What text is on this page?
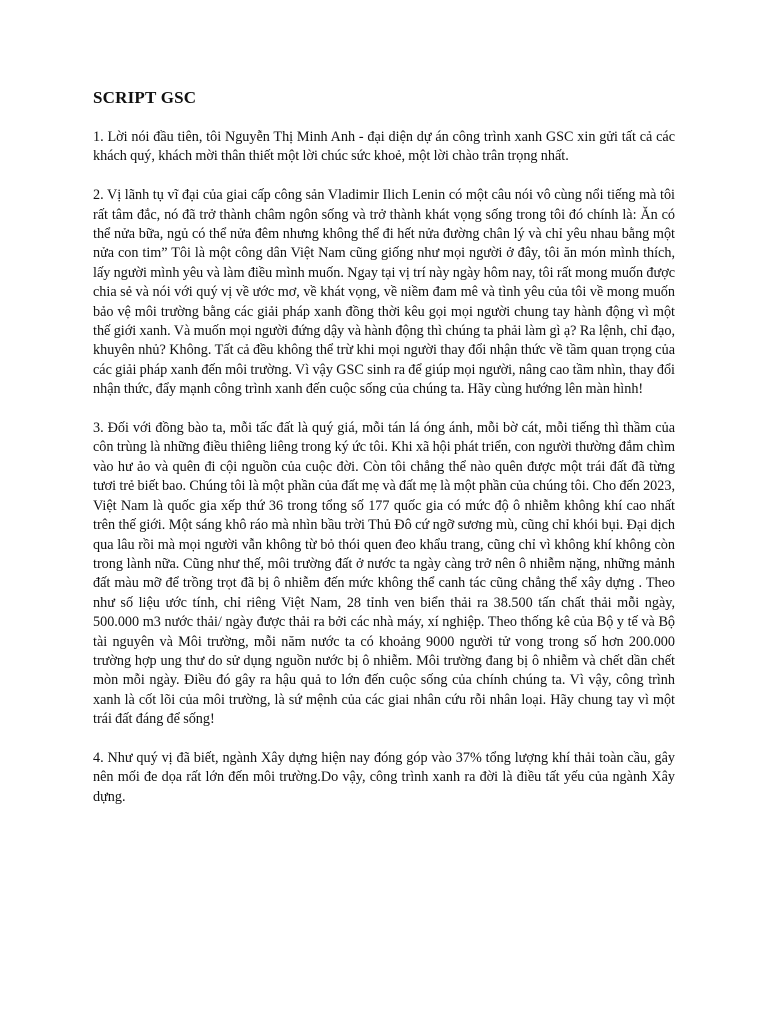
SCRIPT GSC

1. Lời nói đầu tiên, tôi Nguyễn Thị Minh Anh - đại diện dự án công trình xanh GSC xin gửi tất cả các khách quý, khách mời thân thiết một lời chúc sức khoẻ, một lời chào trân trọng nhất.

2. Vị lãnh tụ vĩ đại của giai cấp công sản Vladimir Ilich Lenin có một câu nói vô cùng nổi tiếng mà tôi rất tâm đắc, nó đã trở thành châm ngôn sống và trở thành khát vọng sống trong tôi đó chính là: Ăn có thể nửa bữa, ngủ có thể nửa đêm nhưng không thể đi hết nửa đường chân lý và chỉ yêu nhau bằng một nửa con tim” Tôi là một công dân Việt Nam cũng giống như mọi người ở đây, tôi ăn món mình thích, lấy người mình yêu và làm điều mình muốn. Ngay tại vị trí này ngày hôm nay, tôi rất mong muốn được chia sẻ và nói với quý vị về ước mơ, về khát vọng, về niềm đam mê và tình yêu của tôi về mong muốn bảo vệ môi trường bằng các giải pháp xanh đồng thời kêu gọi mọi người chung tay hành động vì một thế giới xanh. Và muốn mọi người đứng dậy và hành động thì chúng ta phải làm gì ạ? Ra lệnh, chỉ đạo, khuyên nhủ? Không. Tất cả đều không thể trừ khi mọi người thay đổi nhận thức về tầm quan trọng của các giải pháp xanh đến môi trường. Vì vậy GSC sinh ra để giúp mọi người, nâng cao tầm nhìn, thay đổi nhận thức, đẩy mạnh công trình xanh đến cuộc sống của chúng ta. Hãy cùng hướng lên màn hình!

3. Đối với đồng bào ta, mỗi tấc đất là quý giá, mỗi tán lá óng ánh, mỗi bờ cát, mỗi tiếng thì thầm của côn trùng là những điều thiêng liêng trong ký ức tôi. Khi xã hội phát triển, con người thường đắm chìm vào hư ảo và quên đi cội nguồn của cuộc đời. Còn tôi chẳng thể nào quên được một trái đất đã từng tươi trẻ biết bao. Chúng tôi là một phần của đất mẹ và đất mẹ là một phần của chúng tôi. Cho đến 2023, Việt Nam là quốc gia xếp thứ 36 trong tổng số 177 quốc gia có mức độ ô nhiễm không khí cao nhất trên thế giới. Một sáng khô ráo mà nhìn bầu trời Thủ Đô cứ ngỡ sương mù, cũng chỉ khói bụi. Đại dịch qua lâu rồi mà mọi người vẫn không từ bỏ thói quen đeo khẩu trang, cũng chỉ vì không khí không còn trong lành nữa. Cũng như thế, môi trường đất ở nước ta ngày càng trở nên ô nhiễm nặng, những mảnh đất màu mỡ để trồng trọt đã bị ô nhiễm đến mức không thể canh tác cũng chẳng thể xây dựng . Theo như số liệu ước tính, chỉ riêng Việt Nam, 28 tỉnh ven biển thải ra 38.500 tấn chất thải mỗi ngày, 500.000 m3 nước thải/ ngày được thải ra bởi các nhà máy, xí nghiệp. Theo thống kê của Bộ y tế và Bộ tài nguyên và Môi trường, mỗi năm nước ta có khoảng 9000 người tử vong trong số hơn 200.000 trường hợp ung thư do sử dụng nguồn nước bị ô nhiễm. Môi trường đang bị ô nhiễm và chết dần chết mòn mỗi ngày. Điều đó gây ra hậu quả to lớn đến cuộc sống của chính chúng ta. Vì vậy, công trình xanh là cốt lõi của môi trường, là sứ mệnh của các giai nhân cứu rỗi nhân loại. Hãy chung tay vì một trái đất đáng để sống!

4. Như quý vị đã biết, ngành Xây dựng hiện nay đóng góp vào 37% tổng lượng khí thải toàn cầu, gây nên mối đe dọa rất lớn đến môi trường.Do vậy, công trình xanh ra đời là điều tất yếu của ngành Xây dựng.
